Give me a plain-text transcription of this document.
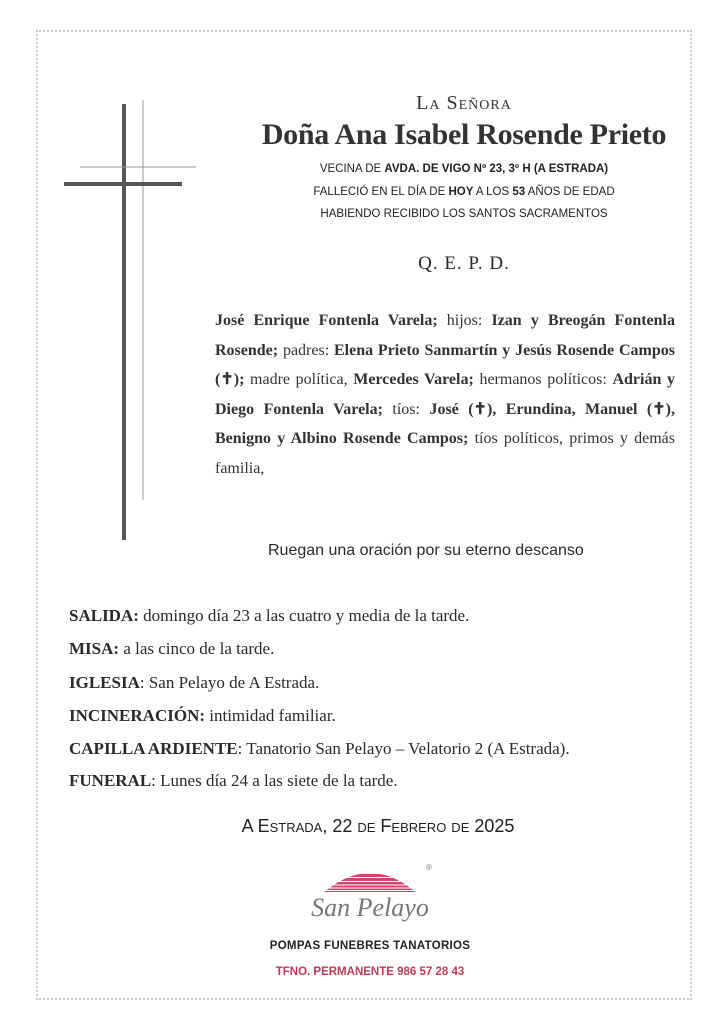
La Señora
Doña Ana Isabel Rosende Prieto
VECINA DE AVDA. DE VIGO Nº 23, 3º H (A ESTRADA)
FALLECIÓ EN EL DÍA DE HOY A LOS 53 AÑOS DE EDAD
HABIENDO RECIBIDO LOS SANTOS SACRAMENTOS
Q. E. P. D.
José Enrique Fontenla Varela; hijos: Izan y Breogán Fontenla Rosende; padres: Elena Prieto Sanmartín y Jesús Rosende Campos (✝); madre política, Mercedes Varela; hermanos políticos: Adrián y Diego Fontenla Varela; tíos: José (✝), Erundina, Manuel (✝), Benigno y Albino Rosende Campos; tíos políticos, primos y demás familia,
Ruegan una oración por su eterno descanso
SALIDA: domingo día 23 a las cuatro y media de la tarde.
MISA: a las cinco de la tarde.
IGLESIA: San Pelayo de A Estrada.
INCINERACIÓN: intimidad familiar.
CAPILLA ARDIENTE: Tanatorio San Pelayo – Velatorio 2 (A Estrada).
FUNERAL: Lunes día 24 a las siete de la tarde.
A Estrada, 22 de Febrero de 2025
®
San Pelayo
POMPAS FUNEBRES TANATORIOS
TFNO. PERMANENTE 986 57 28 43
